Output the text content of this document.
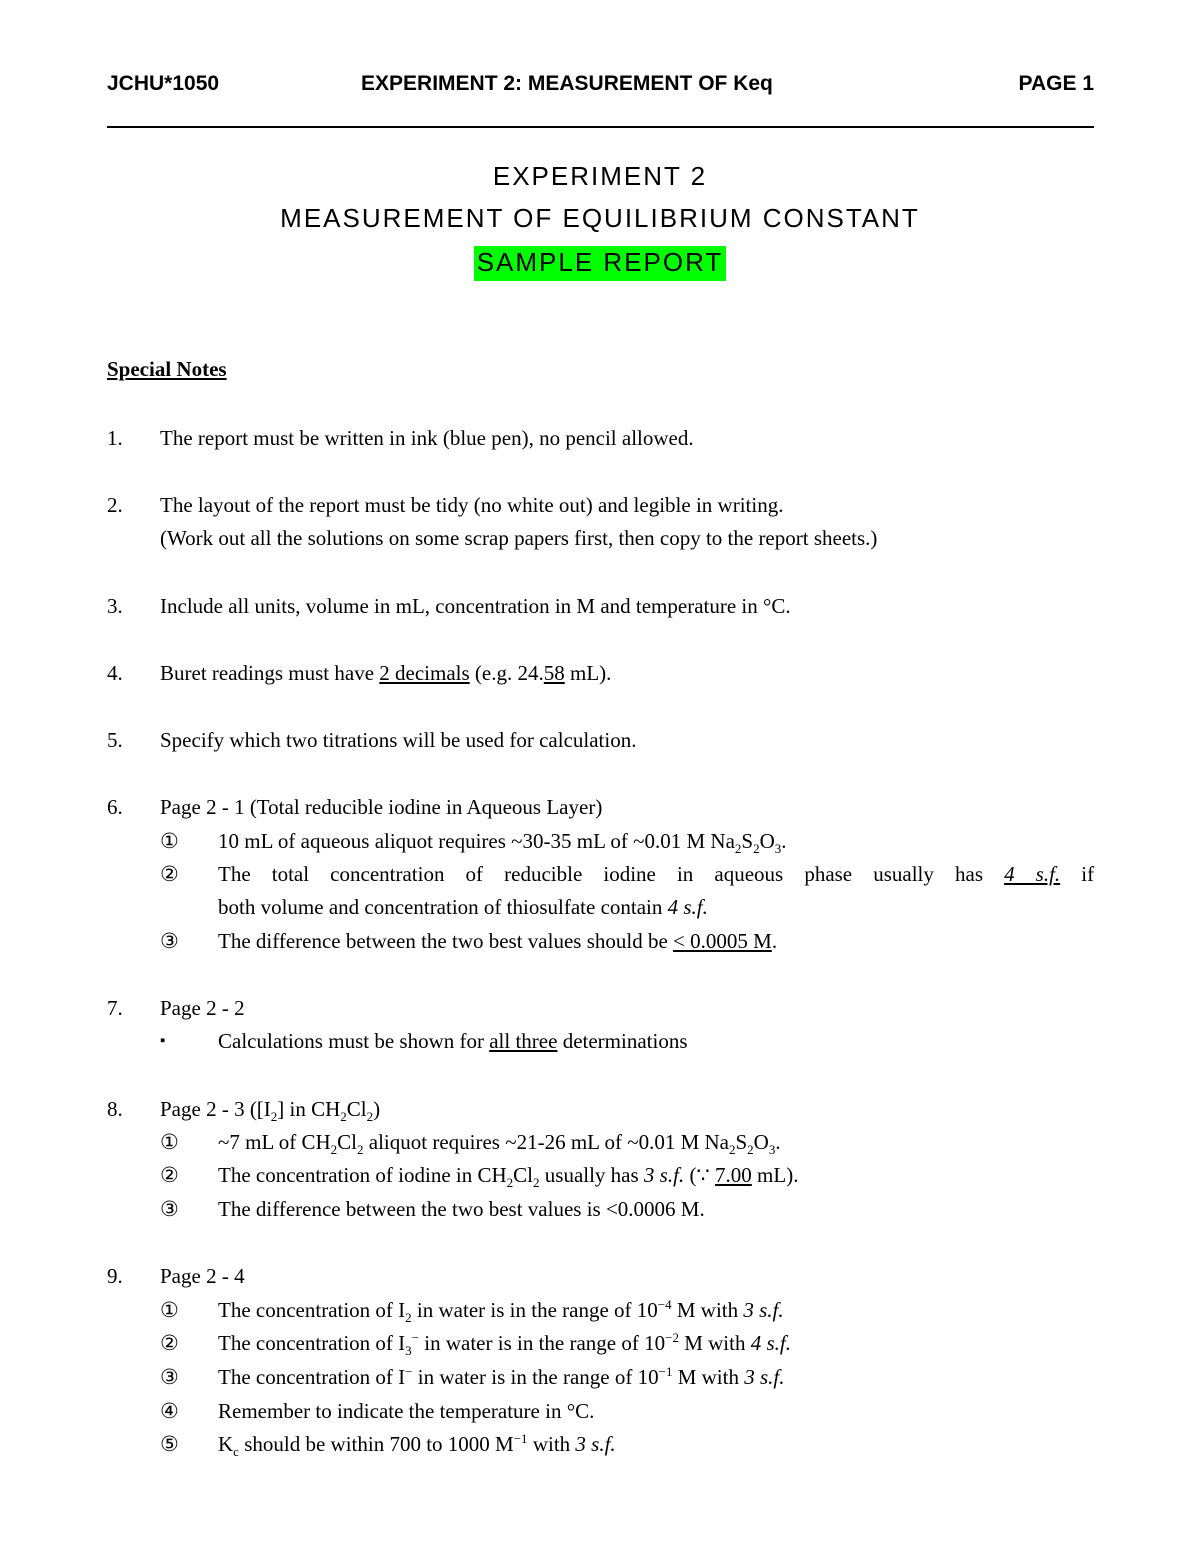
JCHU*1050	EXPERIMENT 2: MEASUREMENT OF Keq	PAGE 1
EXPERIMENT 2
MEASUREMENT OF EQUILIBRIUM CONSTANT
SAMPLE REPORT
Special Notes
1. The report must be written in ink (blue pen), no pencil allowed.
2. The layout of the report must be tidy (no white out) and legible in writing.
(Work out all the solutions on some scrap papers first, then copy to the report sheets.)
3. Include all units, volume in mL, concentration in M and temperature in °C.
4. Buret readings must have 2 decimals (e.g. 24.58 mL).
5. Specify which two titrations will be used for calculation.
6. Page 2 - 1 (Total reducible iodine in Aqueous Layer)
①	10 mL of aqueous aliquot requires ~30-35 mL of ~0.01 M $Na_2S_2O_3$.
②	The total concentration of reducible iodine in aqueous phase usually has 4 s.f. if
both volume and concentration of thiosulfate contain 4 s.f.
③	The difference between the two best values should be < 0.0005 M.
7. Page 2 - 2
▪	Calculations must be shown for all three determinations
8. Page 2 - 3 ($[I_2]$ in $CH_2Cl_2$)
①	~7 mL of $CH_2Cl_2$ aliquot requires ~21-26 mL of ~0.01 M $Na_2S_2O_3$.
②	The concentration of iodine in $CH_2Cl_2$ usually has 3 s.f. (∵ 7.00 mL).
③	The difference between the two best values is <0.0006 M.
9. Page 2 - 4
①	The concentration of $I_2$ in water is in the range of $10^{-4}$ M with 3 s.f.
②	The concentration of $I_3^-$ in water is in the range of $10^{-2}$ M with 4 s.f.
③	The concentration of I− in water is in the range of $10^{-1}$ M with 3 s.f.
④	Remember to indicate the temperature in °C.
⑤	$K_c$ should be within 700 to 1000 $M^{-1}$ with 3 s.f.
